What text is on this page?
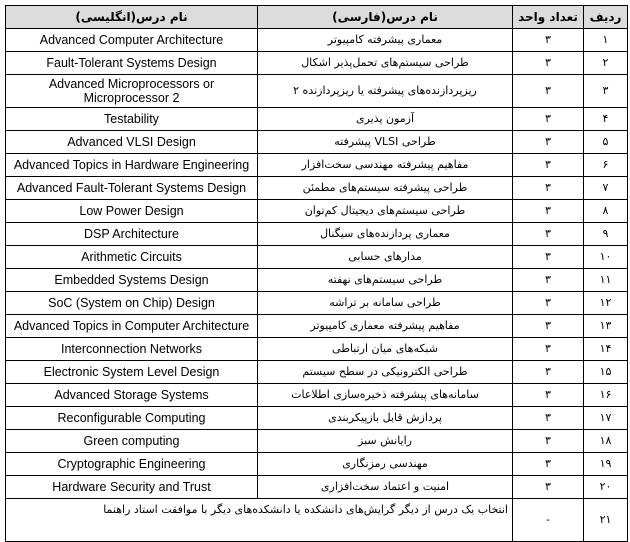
نام درس(انگلیسی)	نام درس(فارسی)	تعداد واحد	ردیف
Advanced Computer Architecture	معماری پیشرفته کامپیوتر	۳	۱
Fault-Tolerant Systems Design	طراحی سیستم‌های تحمل‌پذیر اشکال	۳	۲
Advanced Microprocessors or Microprocessor 2	ریزپردازنده‌های پیشرفته یا ریزپردازنده ۲	۳	۳
Testability	آزمون پذیری	۳	۴
Advanced VLSI Design	طراحی VLSI پیشرفته	۳	۵
Advanced Topics in Hardware Engineering	مفاهیم پیشرفته مهندسی سخت‌افزار	۳	۶
Advanced Fault-Tolerant Systems Design	طراحی پیشرفته سیستم‌های مطمئن	۳	۷
Low Power Design	طراحی سیستم‌های دیجیتال کم‌توان	۳	۸
DSP Architecture	معماری پردازنده‌های سیگنال	۳	۹
Arithmetic Circuits	مدارهای حسابی	۳	۱۰
Embedded Systems Design	طراحی سیستم‌های نهفته	۳	۱۱
SoC (System on Chip) Design	طراحی سامانه بر تراشه	۳	۱۲
Advanced Topics in Computer Architecture	مفاهیم پیشرفته معماری کامپیوتر	۳	۱۳
Interconnection Networks	شبکه‌های میان ارتباطی	۳	۱۴
Electronic System Level Design	طراحی الکترونیکی در سطح سیستم	۳	۱۵
Advanced Storage Systems	سامانه‌های پیشرفته ذخیره‌سازی اطلاعات	۳	۱۶
Reconfigurable Computing	پردازش قابل بازپیکربندی	۳	۱۷
Green computing	رایانش سبز	۳	۱۸
Cryptographic Engineering	مهندسی رمزنگاری	۳	۱۹
Hardware Security and Trust	امنیت و اعتماد سخت‌افزاری	۳	۲۰
انتخاب یک درس از دیگر گرایش‌های دانشکده یا دانشکده‌های دیگر با موافقت استاد راهنما		-	۲۱
